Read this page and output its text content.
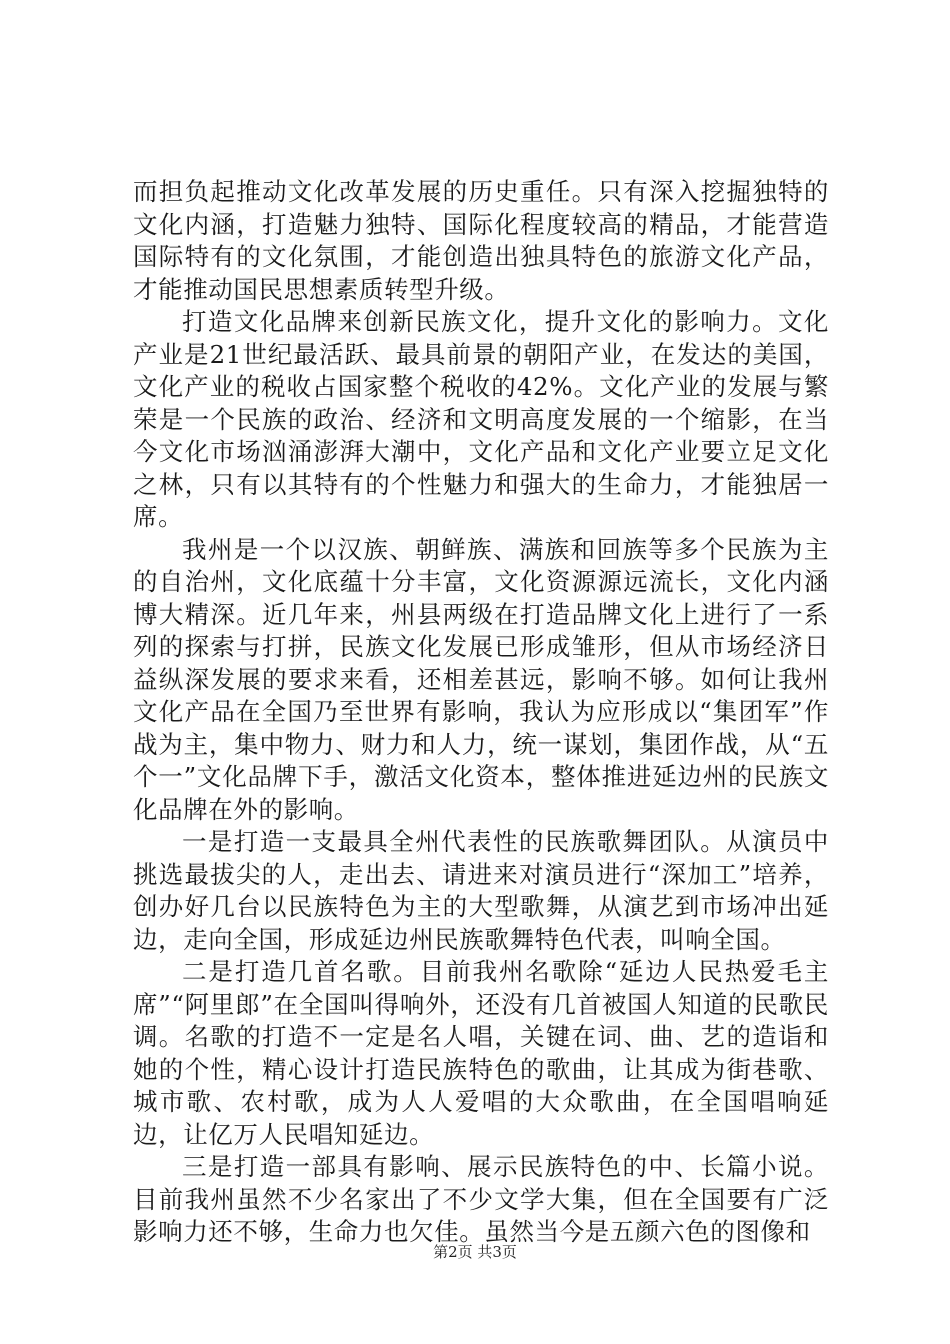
而担负起推动文化改革发展的历史重任。只有深入挖掘独特的文化内涵，打造魅力独特、国际化程度较高的精品，才能营造国际特有的文化氛围，才能创造出独具特色的旅游文化产品，才能推动国民思想素质转型升级。

打造文化品牌来创新民族文化，提升文化的影响力。文化产业是21世纪最活跃、最具前景的朝阳产业，在发达的美国，文化产业的税收占国家整个税收的42%。文化产业的发展与繁荣是一个民族的政治、经济和文明高度发展的一个缩影，在当今文化市场汹涌澎湃大潮中，文化产品和文化产业要立足文化之林，只有以其特有的个性魅力和强大的生命力，才能独居一席。

我州是一个以汉族、朝鲜族、满族和回族等多个民族为主的自治州，文化底蕴十分丰富，文化资源源远流长，文化内涵博大精深。近几年来，州县两级在打造品牌文化上进行了一系列的探索与打拼，民族文化发展已形成雏形，但从市场经济日益纵深发展的要求来看，还相差甚远，影响不够。如何让我州文化产品在全国乃至世界有影响，我认为应形成以“集团军”作战为主，集中物力、财力和人力，统一谋划，集团作战，从“五个一”文化品牌下手，激活文化资本，整体推进延边州的民族文化品牌在外的影响。

一是打造一支最具全州代表性的民族歌舞团队。从演员中挑选最拔尖的人，走出去、请进来对演员进行“深加工”培养，创办好几台以民族特色为主的大型歌舞，从演艺到市场冲出延边，走向全国，形成延边州民族歌舞特色代表，叫响全国。

二是打造几首名歌。目前我州名歌除“延边人民热爱毛主席”“阿里郎”在全国叫得响外，还没有几首被国人知道的民歌民调。名歌的打造不一定是名人唱，关键在词、曲、艺的造诣和她的个性，精心设计打造民族特色的歌曲，让其成为街巷歌、城市歌、农村歌，成为人人爱唱的大众歌曲，在全国唱响延边，让亿万人民唱知延边。

三是打造一部具有影响、展示民族特色的中、长篇小说。目前我州虽然不少名家出了不少文学大集，但在全国要有广泛影响力还不够，生命力也欠佳。虽然当今是五颜六色的图像和

第2页 共3页
